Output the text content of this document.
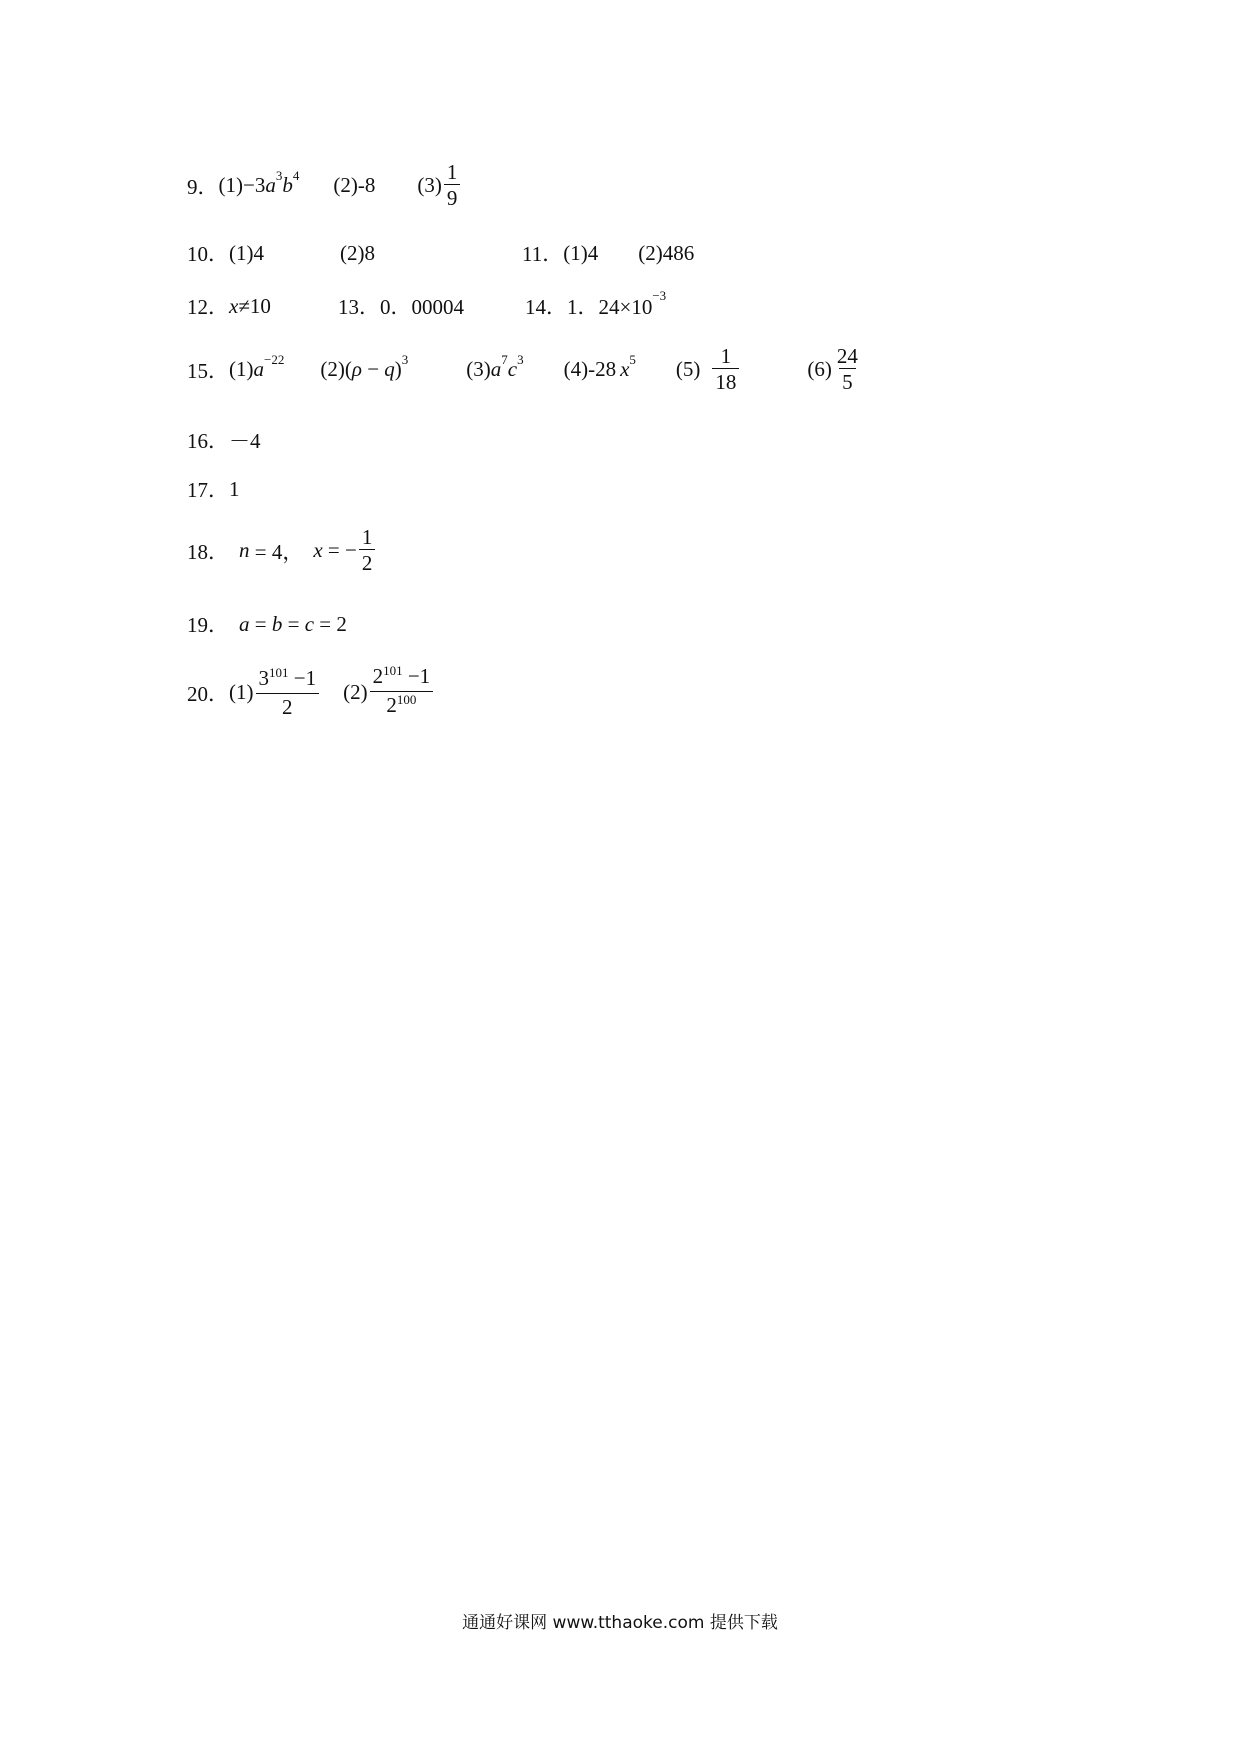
9． (1) −3 a 3 b 4 (2)-8 $(3) \frac{1}{9}$
10． (1)4	(2)8	11． (1)4 (2)486
12． x ≠10	13． 0．00004	14． 1．24×10 −3
15． (1) a −22 (2) ( ρ − q ) 3	(3) a 7 c 3 (4)-28 x 5 $(5) \frac{1}{18}$	$(6) \frac{24}{5}$
16． －4
17． 1
18． n = 4， x = − $\frac{1}{2}$
19． a = b = c = 2
20． $(1) \frac{3^{101} -1}{2} (2) \frac{2^{101} -1}{2^{100}}$
通通好课网 www.tthaoke.com 提供下载
